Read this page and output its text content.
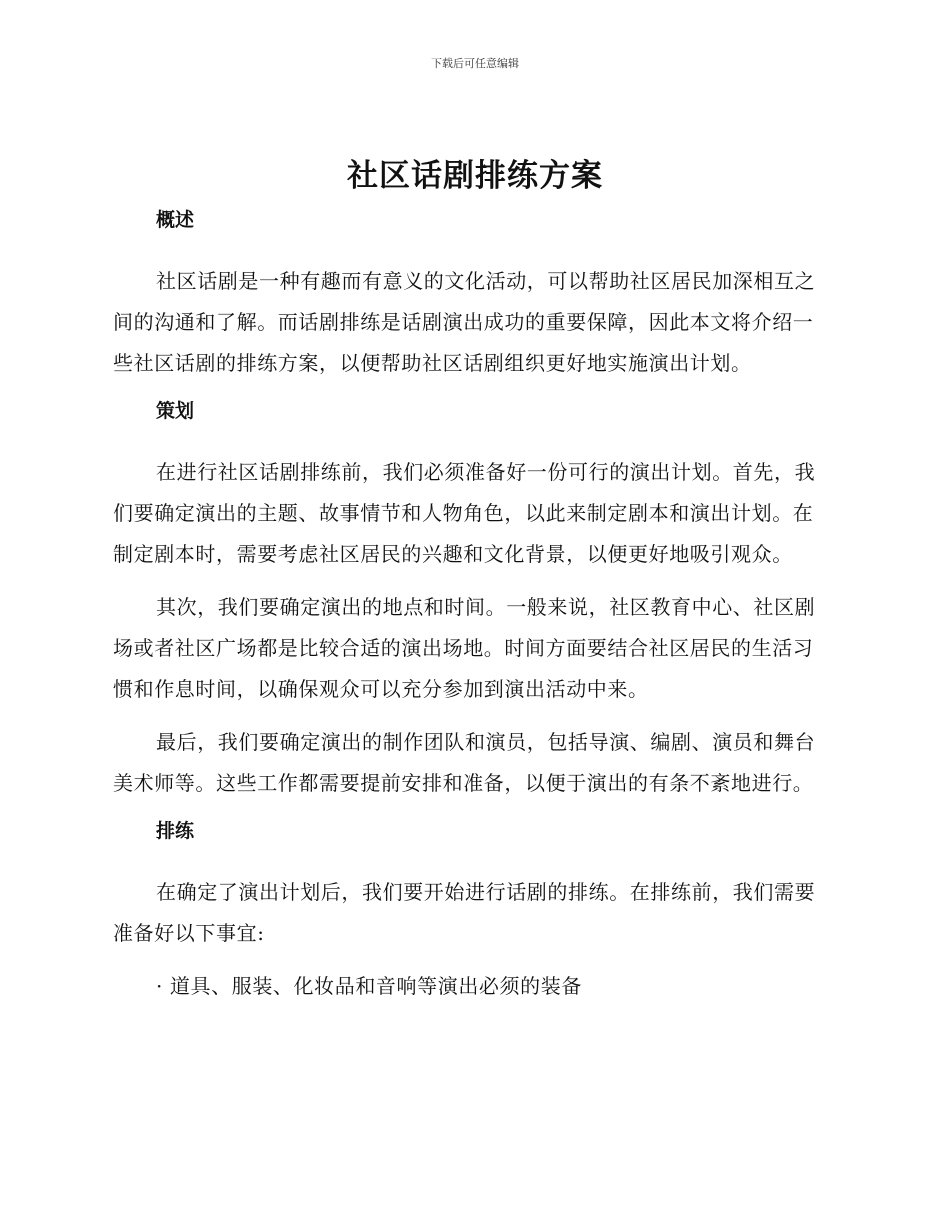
下载后可任意编辑
社区话剧排练方案
概述

社区话剧是一种有趣而有意义的文化活动，可以帮助社区居民加深相互之间的沟通和了解。而话剧排练是话剧演出成功的重要保障，因此本文将介绍一些社区话剧的排练方案，以便帮助社区话剧组织更好地实施演出计划。

策划

在进行社区话剧排练前，我们必须准备好一份可行的演出计划。首先，我们要确定演出的主题、故事情节和人物角色，以此来制定剧本和演出计划。在制定剧本时，需要考虑社区居民的兴趣和文化背景，以便更好地吸引观众。

其次，我们要确定演出的地点和时间。一般来说，社区教育中心、社区剧场或者社区广场都是比较合适的演出场地。时间方面要结合社区居民的生活习惯和作息时间，以确保观众可以充分参加到演出活动中来。

最后，我们要确定演出的制作团队和演员，包括导演、编剧、演员和舞台美术师等。这些工作都需要提前安排和准备，以便于演出的有条不紊地进行。

排练

在确定了演出计划后，我们要开始进行话剧的排练。在排练前，我们需要准备好以下事宜:

· 道具、服装、化妆品和音响等演出必须的装备
